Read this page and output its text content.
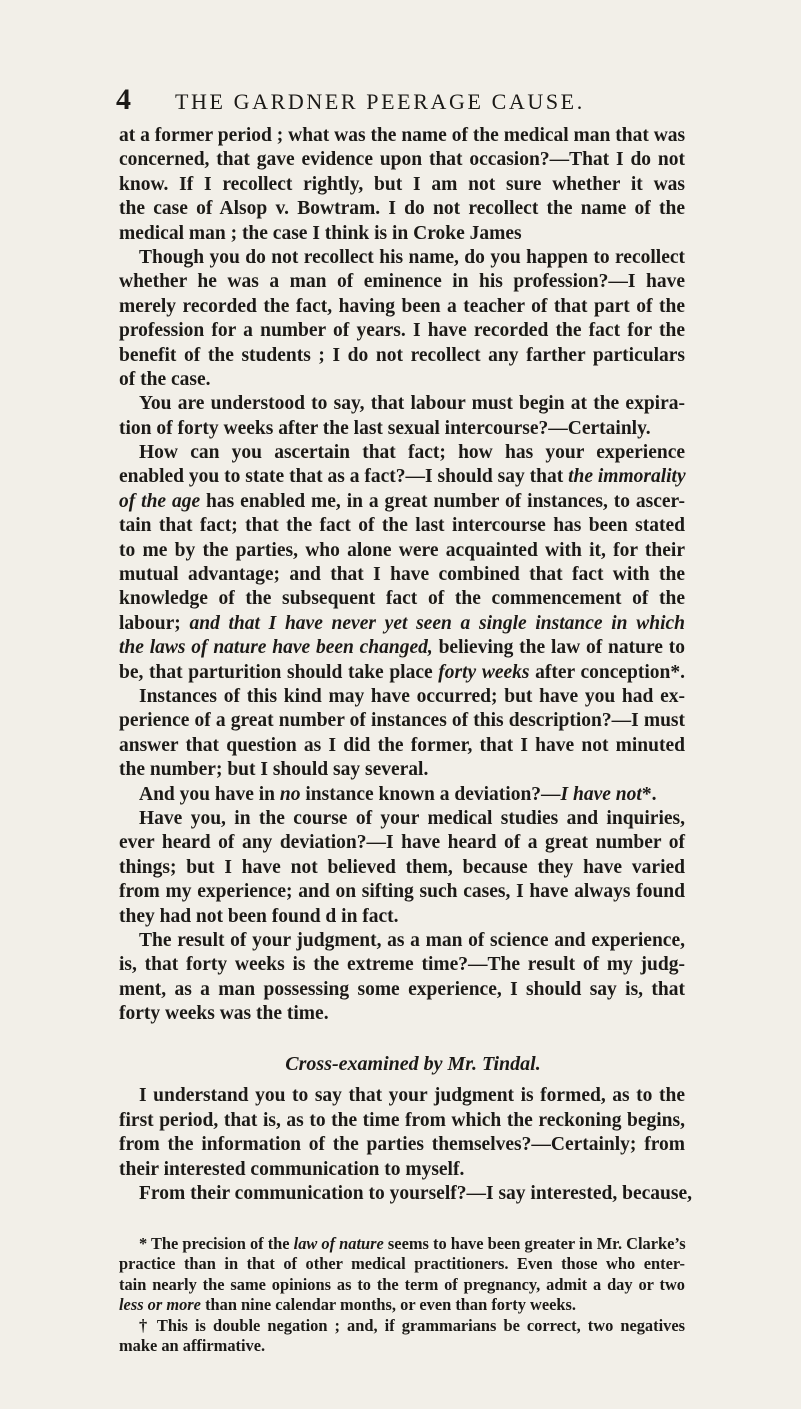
4 THE GARDNER PEERAGE CAUSE.
at a former period ; what was the name of the medical man that was
concerned, that gave evidence upon that occasion?—That I do not
know. If I recollect rightly, but I am not sure whether it was
the case of Alsop v. Bowtram. I do not recollect the name of the
medical man ; the case I think is in Croke James
Though you do not recollect his name, do you happen to recollect
whether he was a man of eminence in his profession?—I have
merely recorded the fact, having been a teacher of that part of the
profession for a number of years. I have recorded the fact for the
benefit of the students ; I do not recollect any farther particulars
of the case.
You are understood to say, that labour must begin at the expira-
tion of forty weeks after the last sexual intercourse?—Certainly.
How can you ascertain that fact; how has your experience
enabled you to state that as a fact?—I should say that the immorality
of the age has enabled me, in a great number of instances, to ascer-
tain that fact; that the fact of the last intercourse has been stated
to me by the parties, who alone were acquainted with it, for their
mutual advantage; and that I have combined that fact with the
knowledge of the subsequent fact of the commencement of the
labour; and that I have never yet seen a single instance in which
the laws of nature have been changed, believing the law of nature to
be, that parturition should take place forty weeks after conception*.
Instances of this kind may have occurred; but have you had ex-
perience of a great number of instances of this description?—I must
answer that question as I did the former, that I have not minuted
the number; but I should say several.
And you have in no instance known a deviation?—I have not*.
Have you, in the course of your medical studies and inquiries,
ever heard of any deviation?—I have heard of a great number of
things; but I have not believed them, because they have varied
from my experience; and on sifting such cases, I have always found
they had not been found d in fact.
The result of your judgment, as a man of science and experience,
is, that forty weeks is the extreme time?—The result of my judg-
ment, as a man possessing some experience, I should say is, that
forty weeks was the time.
Cross-examined by Mr. Tindal.
I understand you to say that your judgment is formed, as to the
first period, that is, as to the time from which the reckoning begins,
from the information of the parties themselves?—Certainly; from
their interested communication to myself.
From their communication to yourself?—I say interested, because,
* The precision of the law of nature seems to have been greater in Mr. Clarke’s
practice than in that of other medical practitioners. Even those who enter-
tain nearly the same opinions as to the term of pregnancy, admit a day or two
less or more than nine calendar months, or even than forty weeks.
† This is double negation ; and, if grammarians be correct, two negatives
make an affirmative.
